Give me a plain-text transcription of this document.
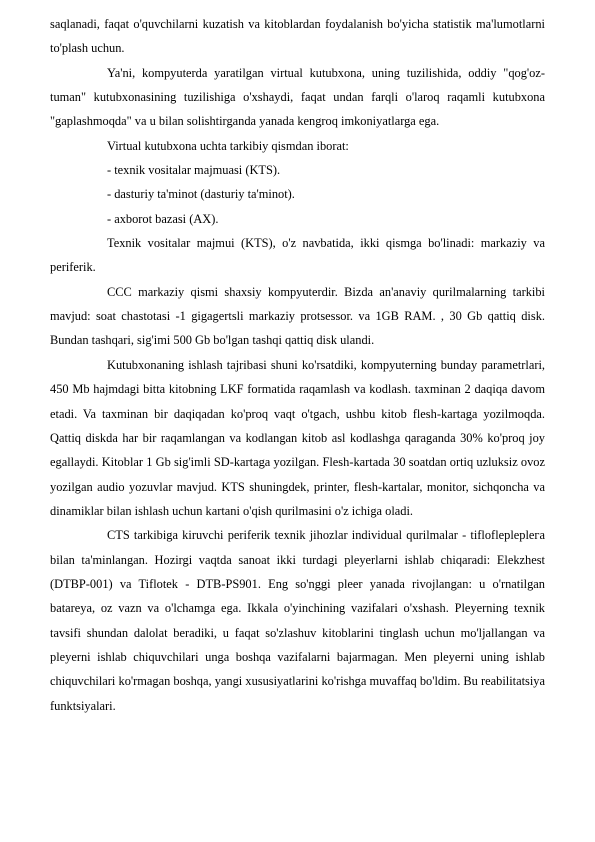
saqlanadi, faqat o'quvchilarni kuzatish va kitoblardan foydalanish bo'yicha statistik ma'lumotlarni to'plash uchun.

Ya'ni, kompyuterda yaratilgan virtual kutubxona, uning tuzilishida, oddiy "qog'oz-tuman" kutubxonasining tuzilishiga o'xshaydi, faqat undan farqli o'laroq raqamli kutubxona "gaplashmoqda" va u bilan solishtirganda yanada kengroq imkoniyatlarga ega.

Virtual kutubxona uchta tarkibiy qismdan iborat:

- texnik vositalar majmuasi (KTS).

- dasturiy ta'minot (dasturiy ta'minot).

- axborot bazasi (AX).

Texnik vositalar majmui (KTS), o'z navbatida, ikki qismga bo'linadi: markaziy va periferik.

CCC markaziy qismi shaxsiy kompyuterdir. Bizda an'anaviy qurilmalarning tarkibi mavjud: soat chastotasi -1 gigagertsli markaziy protsessor. va 1GB RAM. , 30 Gb qattiq disk. Bundan tashqari, sig'imi 500 Gb bo'lgan tashqi qattiq disk ulandi.

Kutubxonaning ishlash tajribasi shuni ko'rsatdiki, kompyuterning bunday parametrlari, 450 Mb hajmdagi bitta kitobning LKF formatida raqamlash va kodlash. taxminan 2 daqiqa davom etadi. Va taxminan bir daqiqadan ko'proq vaqt o'tgach, ushbu kitob flesh-kartaga yozilmoqda. Qattiq diskda har bir raqamlangan va kodlangan kitob asl kodlashga qaraganda 30% ko'proq joy egallaydi. Kitoblar 1 Gb sig'imli SD-kartaga yozilgan. Flesh-kartada 30 soatdan ortiq uzluksiz ovoz yozilgan audio yozuvlar mavjud. KTS shuningdek, printer, flesh-kartalar, monitor, sichqoncha va dinamiklar bilan ishlash uchun kartani o'qish qurilmasini o'z ichiga oladi.

CTS tarkibiga kiruvchi periferik texnik jihozlar individual qurilmalar - tiflofleplepleгa bilan ta'minlangan. Hozirgi vaqtda sanoat ikki turdagi pleyerlarni ishlab chiqaradi: Elekzhest (DTBP-001) va Tiflotek - DTB-PS901. Eng so'nggi pleer yanada rivojlangan: u o'rnatilgan batareya, oz vazn va o'lchamga ega. Ikkala o'yinchining vazifalari o'xshash. Pleyerning texnik tavsifi shundan dalolat beradiki, u faqat so'zlashuv kitoblarini tinglash uchun mo'ljallangan va pleyerni ishlab chiquvchilari unga boshqa vazifalarni bajarmagan. Men pleyerni uning ishlab chiquvchilari ko'rmagan boshqa, yangi xususiyatlarini ko'rishga muvaffaq bo'ldim. Bu reabilitatsiya funktsiyalari.
